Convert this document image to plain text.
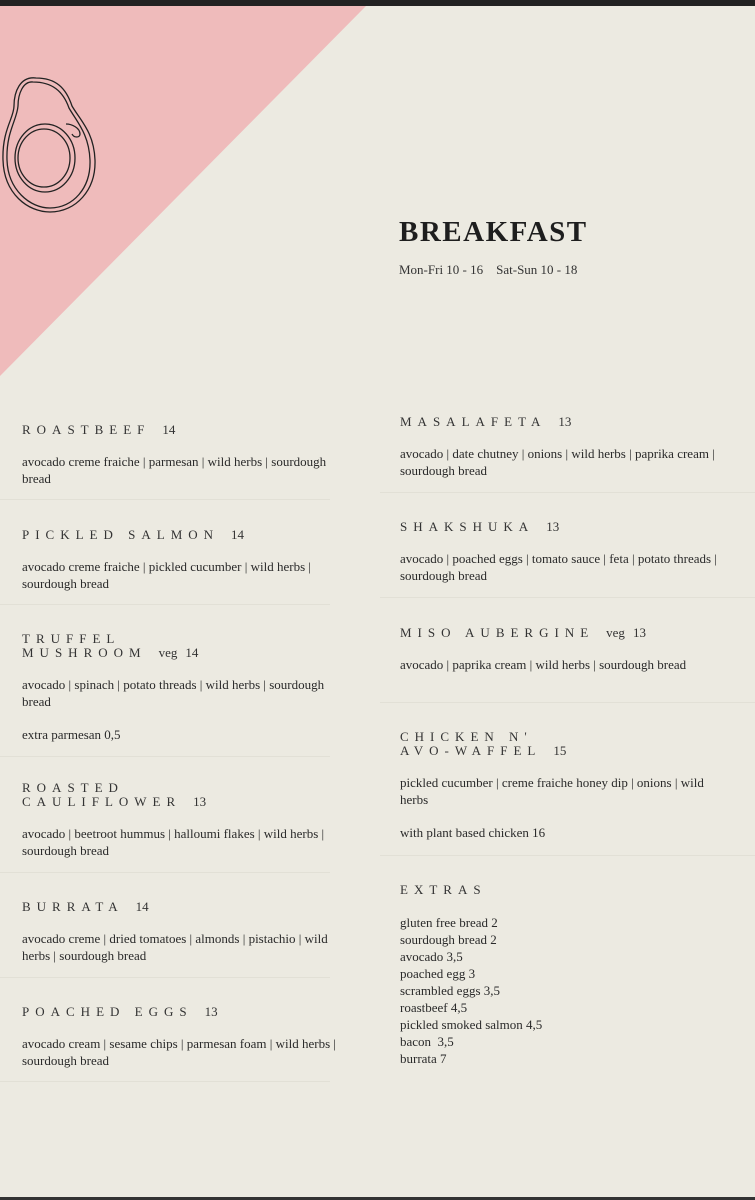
BREAKFAST
Mon-Fri 10 - 16    Sat-Sun 10 - 18
ROASTBEEF 14
avocado creme fraiche | parmesan | wild herbs | sourdough bread
PICKLED SALMON 14
avocado creme fraiche | pickled cucumber | wild herbs | sourdough bread
TRUFFEL
MUSHROOM veg 14
avocado | spinach | potato threads | wild herbs | sourdough bread
extra parmesan 0,5
ROASTED
CAULIFLOWER 13
avocado | beetroot hummus | halloumi flakes | wild herbs | sourdough bread
BURRATA 14
avocado creme | dried tomatoes | almonds | pistachio | wild herbs | sourdough bread
POACHED EGGS 13
avocado cream | sesame chips | parmesan foam | wild herbs | sourdough bread
MASALAFETA 13
avocado | date chutney | onions | wild herbs | paprika cream | sourdough bread
SHAKSHUKA 13
avocado | poached eggs | tomato sauce | feta | potato threads | sourdough bread
MISO AUBERGINE veg 13
avocado | paprika cream | wild herbs | sourdough bread
CHICKEN N'
AVO-WAFFEL 15
pickled cucumber | creme fraiche honey dip | onions | wild herbs
with plant based chicken 16
EXTRAS
gluten free bread 2
sourdough bread 2
avocado 3,5
poached egg 3
scrambled eggs 3,5
roastbeef 4,5
pickled smoked salmon 4,5
bacon  3,5
burrata 7
